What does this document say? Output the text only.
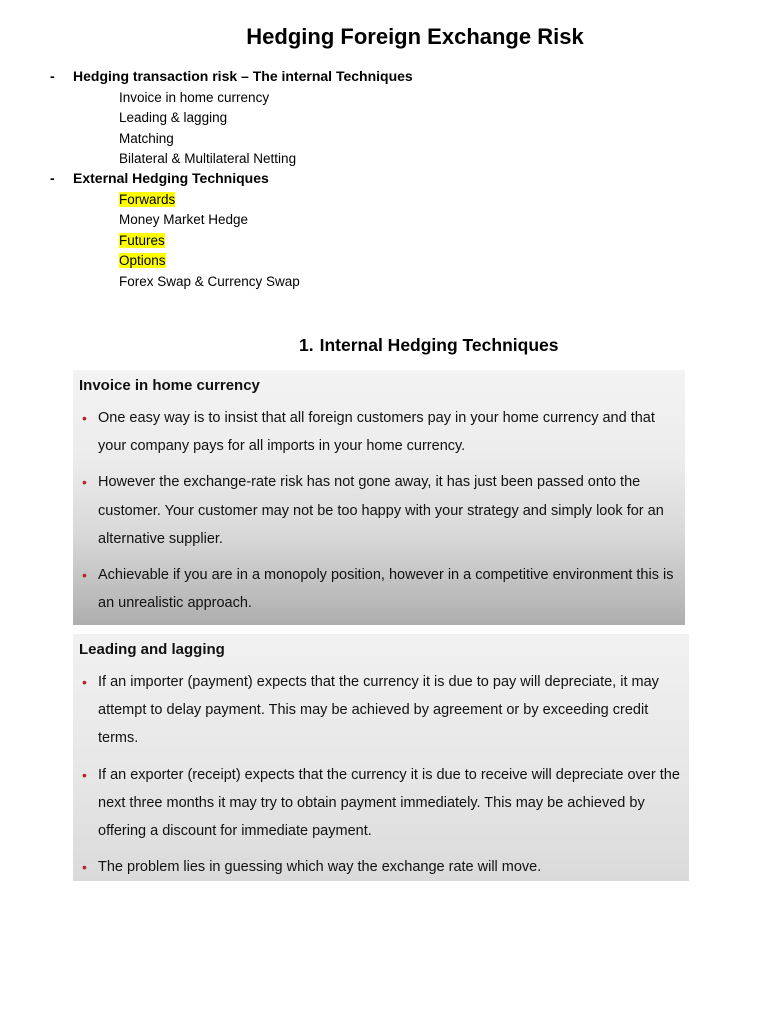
Hedging Foreign Exchange Risk
- Hedging transaction risk – The internal Techniques
Invoice in home currency
Leading & lagging
Matching
Bilateral & Multilateral Netting
- External Hedging Techniques
Forwards
Money Market Hedge
Futures
Options
Forex Swap & Currency Swap
1. Internal Hedging Techniques
Invoice in home currency
• One easy way is to insist that all foreign customers pay in your home currency and that your company pays for all imports in your home currency.
• However the exchange-rate risk has not gone away, it has just been passed onto the customer. Your customer may not be too happy with your strategy and simply look for an alternative supplier.
• Achievable if you are in a monopoly position, however in a competitive environment this is an unrealistic approach.
Leading and lagging
• If an importer (payment) expects that the currency it is due to pay will depreciate, it may attempt to delay payment. This may be achieved by agreement or by exceeding credit terms.
• If an exporter (receipt) expects that the currency it is due to receive will depreciate over the next three months it may try to obtain payment immediately. This may be achieved by offering a discount for immediate payment.
• The problem lies in guessing which way the exchange rate will move.
